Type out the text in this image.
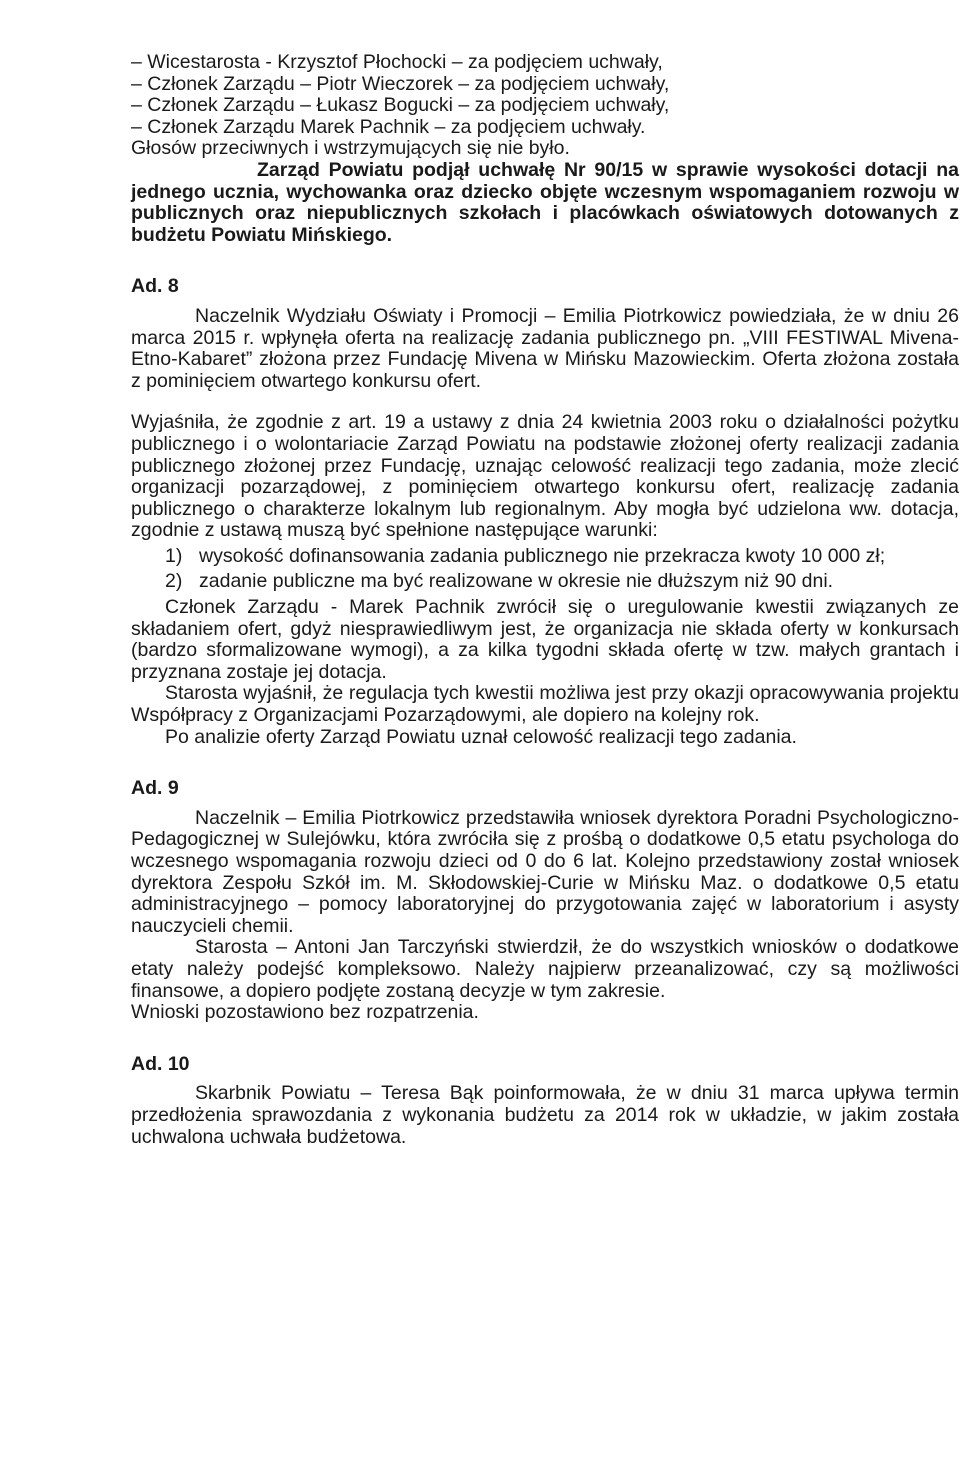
– Wicestarosta - Krzysztof Płochocki – za podjęciem uchwały,
– Członek Zarządu – Piotr Wieczorek – za podjęciem uchwały,
– Członek Zarządu – Łukasz Bogucki – za podjęciem uchwały,
– Członek Zarządu Marek Pachnik – za podjęciem uchwały.
Głosów przeciwnych i wstrzymujących się nie było.

Zarząd Powiatu podjął uchwałę Nr 90/15 w sprawie wysokości dotacji na jednego ucznia, wychowanka oraz dziecko objęte wczesnym wspomaganiem rozwoju w publicznych oraz niepublicznych szkołach i placówkach oświatowych dotowanych z budżetu Powiatu Mińskiego.

Ad. 8

Naczelnik Wydziału Oświaty i Promocji – Emilia Piotrkowicz powiedziała, że w dniu 26 marca 2015 r. wpłynęła oferta na realizację zadania publicznego pn. „VIII FESTIWAL Mivena-Etno-Kabaret” złożona przez Fundację Mivena w Mińsku Mazowieckim. Oferta złożona została z pominięciem otwartego konkursu ofert.

Wyjaśniła, że zgodnie z art. 19 a ustawy z dnia 24 kwietnia 2003 roku o działalności pożytku publicznego i o wolontariacie Zarząd Powiatu na podstawie złożonej oferty realizacji zadania publicznego złożonej przez Fundację, uznając celowość realizacji tego zadania, może zlecić organizacji pozarządowej, z pominięciem otwartego konkursu ofert, realizację zadania publicznego o charakterze lokalnym lub regionalnym. Aby mogła być udzielona ww. dotacja, zgodnie z ustawą muszą być spełnione następujące warunki:

1) wysokość dofinansowania zadania publicznego nie przekracza kwoty 10 000 zł;
2) zadanie publiczne ma być realizowane w okresie nie dłuższym niż 90 dni.

Członek Zarządu - Marek Pachnik zwrócił się o uregulowanie kwestii związanych ze składaniem ofert, gdyż niesprawiedliwym jest, że organizacja nie składa oferty w konkursach (bardzo sformalizowane wymogi), a za kilka tygodni składa ofertę w tzw. małych grantach i przyznana zostaje jej dotacja.

Starosta wyjaśnił, że regulacja tych kwestii możliwa jest przy okazji opracowywania projektu Współpracy z Organizacjami Pozarządowymi, ale dopiero na kolejny rok.

Po analizie oferty Zarząd Powiatu uznał celowość realizacji tego zadania.

Ad. 9

Naczelnik – Emilia Piotrkowicz przedstawiła wniosek dyrektora Poradni Psychologiczno-Pedagogicznej w Sulejówku, która zwróciła się z prośbą o dodatkowe 0,5 etatu psychologa do wczesnego wspomagania rozwoju dzieci od 0 do 6 lat. Kolejno przedstawiony został wniosek dyrektora Zespołu Szkół im. M. Skłodowskiej-Curie w Mińsku Maz. o dodatkowe 0,5 etatu administracyjnego – pomocy laboratoryjnej do przygotowania zajęć w laboratorium i asysty nauczycieli chemii.

Starosta – Antoni Jan Tarczyński stwierdził, że do wszystkich wniosków o dodatkowe etaty należy podejść kompleksowo. Należy najpierw przeanalizować, czy są możliwości finansowe, a dopiero podjęte zostaną decyzje w tym zakresie.

Wnioski pozostawiono bez rozpatrzenia.

Ad. 10

Skarbnik Powiatu – Teresa Bąk poinformowała, że w dniu 31 marca upływa termin przedłożenia sprawozdania z wykonania budżetu za 2014 rok w układzie, w jakim została uchwalona uchwała budżetowa.
